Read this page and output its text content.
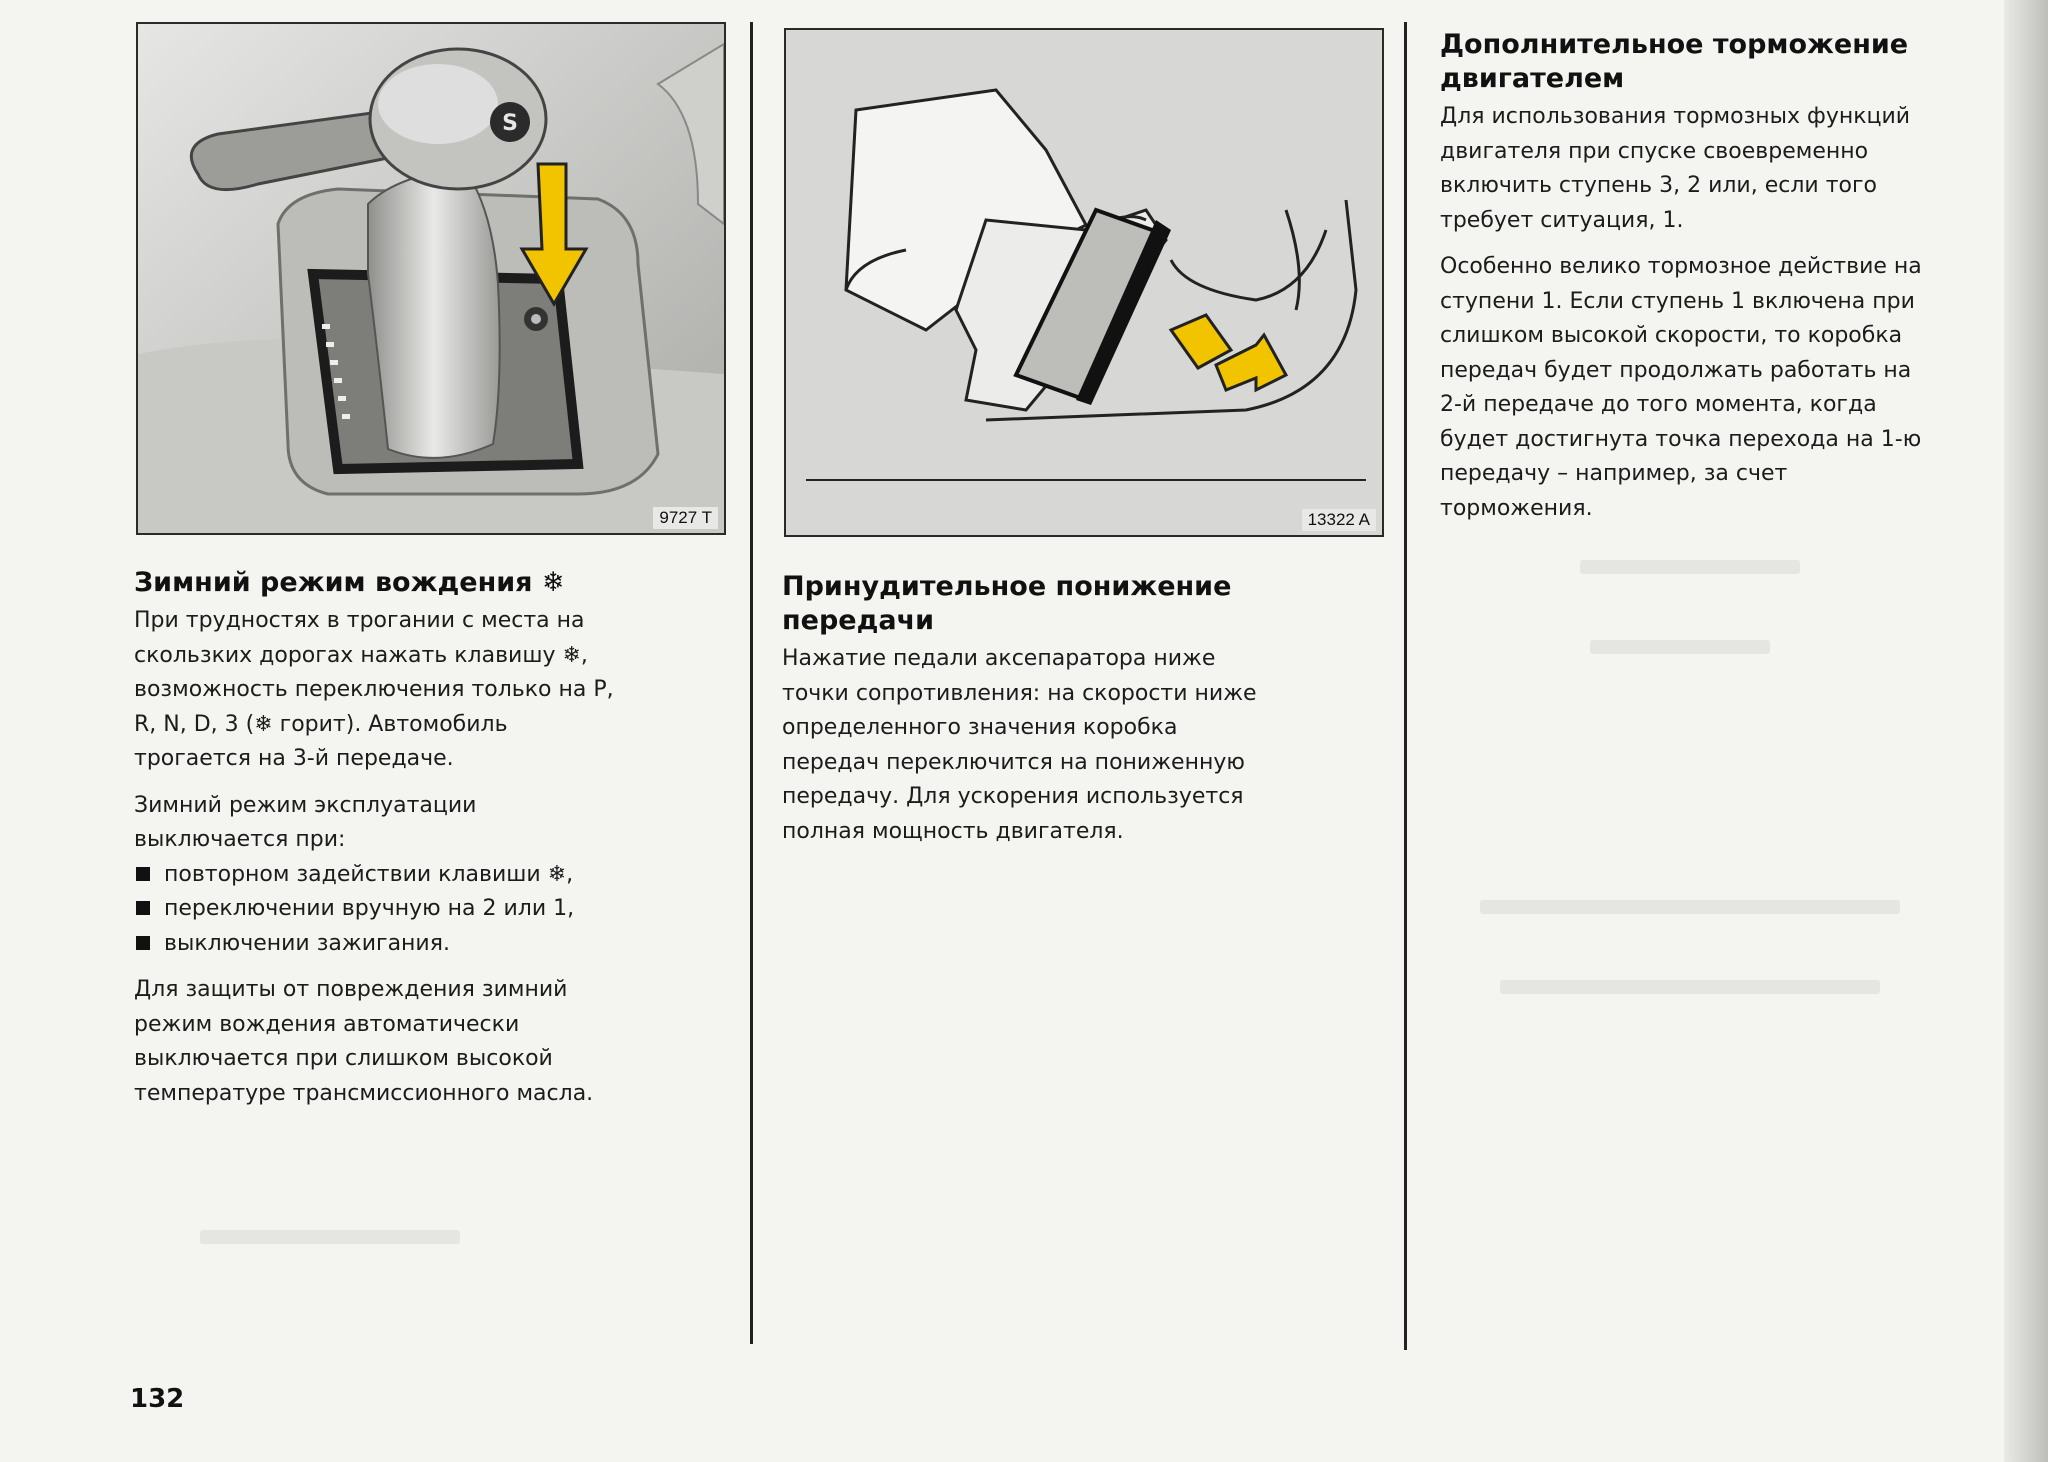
S
9727 T	13322 A
Зимний режим вождения ❄

При трудностях в трогании с места на

скользких дорогах нажать клавишу ❄,

возможность переключения только на P,

R, N, D, 3 (❄ горит). Автомобиль

трогается на 3-й передаче.

Зимний режим эксплуатации

выключается при:

повторном задействии клавиши ❄,
переключении вручную на 2 или 1,
выключении зажигания.

Для защиты от повреждения зимний

режим вождения автоматически

выключается при слишком высокой

температуре трансмиссионного масла.

Принудительное понижение
передачи

Нажатие педали аксепаратора ниже

точки сопротивления: на скорости ниже

определенного значения коробка

передач переключится на пониженную

передачу. Для ускорения используется

полная мощность двигателя.

Дополнительное торможение
двигателем

Для использования тормозных функций

двигателя при спуске своевременно

включить ступень 3, 2 или, если того

требует ситуация, 1.

Особенно велико тормозное действие на

ступени 1. Если ступень 1 включена при

слишком высокой скорости, то коробка

передач будет продолжать работать на

2-й передаче до того момента, когда

будет достигнута точка перехода на 1-ю

передачу – например, за счет

торможения.

132
